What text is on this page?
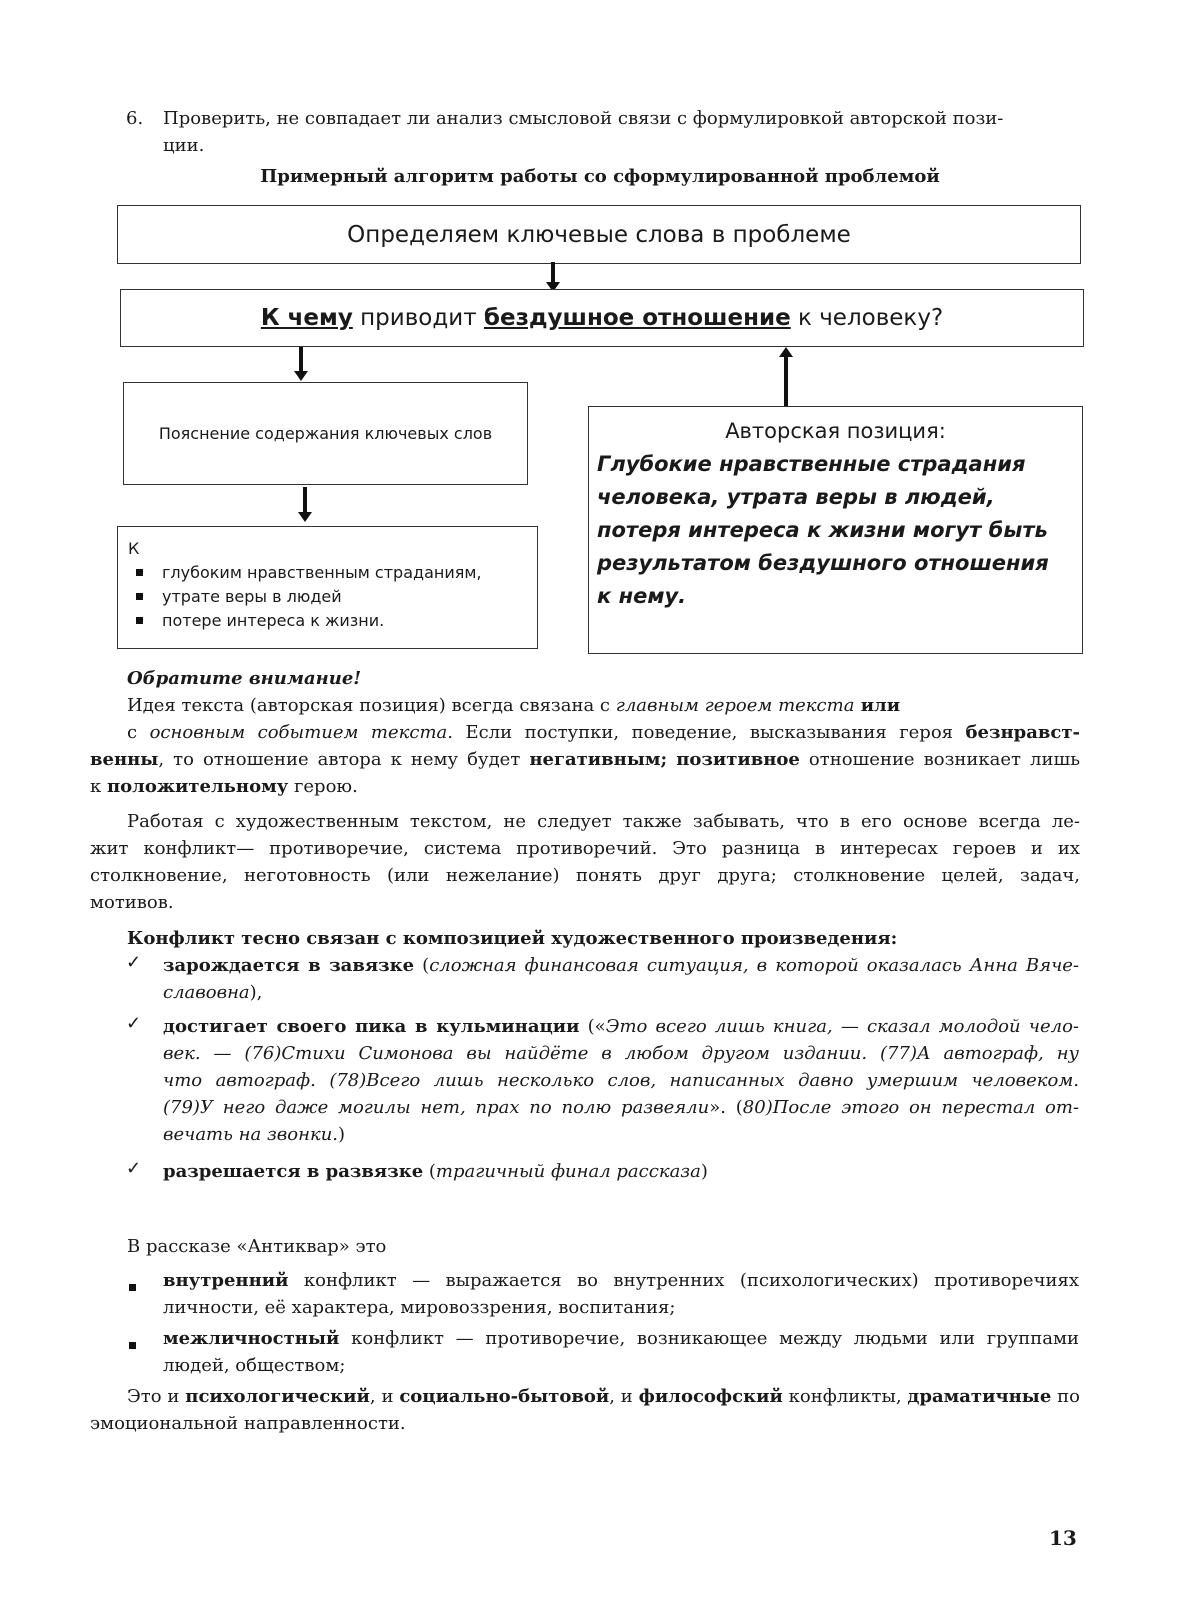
6. Проверить, не совпадает ли анализ смысловой связи с формулировкой авторской пози-
ции.
Примерный алгоритм работы со сформулированной проблемой
Определяем ключевые слова в проблеме
К чему приводит бездушное отношение к человеку?
Пояснение содержания ключевых слов
К
глубоким нравственным страданиям,
утрате веры в людей
потере интереса к жизни.
Авторская позиция:
Глубокие нравственные страдания
человека, утрата веры в людей,
потеря интереса к жизни могут быть
результатом бездушного отношения
к нему.
Обратите внимание!
Идея текста (авторская позиция) всегда связана с главным героем текста или
с основным событием текста. Если поступки, поведение, высказывания героя безнравст-
венны, то отношение автора к нему будет негативным; позитивное отношение возникает лишь
к положительному герою.
Работая с художественным текстом, не следует также забывать, что в его основе всегда ле-
жит конфликт— противоречие, система противоречий. Это разница в интересах героев и их
столкновение, неготовность (или нежелание) понять друг друга; столкновение целей, задач,
мотивов.
Конфликт тесно связан с композицией художественного произведения:
✓ зарождается в завязке (сложная финансовая ситуация, в которой оказалась Анна Вяче-
славовна),
✓ достигает своего пика в кульминации («Это всего лишь книга, — сказал молодой чело-
век. — (76)Стихи Симонова вы найдёте в любом другом издании. (77)А автограф, ну
что автограф. (78)Всего лишь несколько слов, написанных давно умершим человеком.
(79)У него даже могилы нет, прах по полю развеяли». (80)После этого он перестал от-
вечать на звонки.)
✓ разрешается в развязке (трагичный финал рассказа)
В рассказе «Антиквар» это
внутренний конфликт — выражается во внутренних (психологических) противоречиях
личности, её характера, мировоззрения, воспитания;
межличностный конфликт — противоречие, возникающее между людьми или группами
людей, обществом;
Это и психологический, и социально-бытовой, и философский конфликты, драматичные по
эмоциональной направленности.
13
